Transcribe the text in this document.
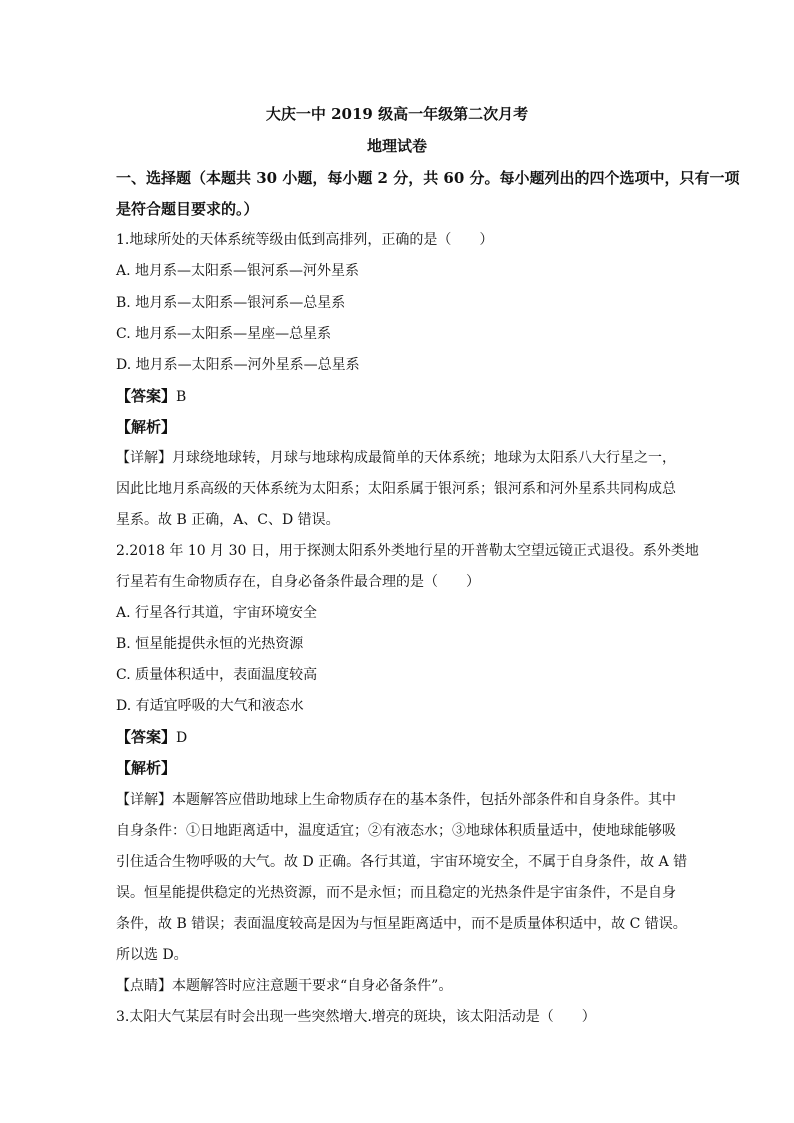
大庆一中 2019 级高一年级第二次月考
地理试卷
一、选择题（本题共 30 小题，每小题 2 分，共 60 分。每小题列出的四个选项中，只有一项
是符合题目要求的。）
1.地球所处的天体系统等级由低到高排列，正确的是（　　）
A. 地月系—太阳系—银河系—河外星系
B. 地月系—太阳系—银河系—总星系
C. 地月系—太阳系—星座—总星系
D. 地月系—太阳系—河外星系—总星系
【答案】B
【解析】
【详解】月球绕地球转，月球与地球构成最简单的天体系统；地球为太阳系八大行星之一，
因此比地月系高级的天体系统为太阳系；太阳系属于银河系；银河系和河外星系共同构成总
星系。故 B 正确，A、C、D 错误。
2.2018 年 10 月 30 日，用于探测太阳系外类地行星的开普勒太空望远镜正式退役。系外类地
行星若有生命物质存在，自身必备条件最合理的是（　　）
A. 行星各行其道，宇宙环境安全
B. 恒星能提供永恒的光热资源
C. 质量体积适中，表面温度较高
D. 有适宜呼吸的大气和液态水
【答案】D
【解析】
【详解】本题解答应借助地球上生命物质存在的基本条件，包括外部条件和自身条件。其中
自身条件：①日地距离适中，温度适宜；②有液态水；③地球体积质量适中，使地球能够吸
引住适合生物呼吸的大气。故 D 正确。各行其道，宇宙环境安全，不属于自身条件，故 A 错
误。恒星能提供稳定的光热资源，而不是永恒；而且稳定的光热条件是宇宙条件，不是自身
条件，故 B 错误；表面温度较高是因为与恒星距离适中，而不是质量体积适中，故 C 错误。
所以选 D。
【点睛】本题解答时应注意题干要求“自身必备条件”。
3.太阳大气某层有时会出现一些突然增大.增亮的斑块，该太阳活动是（　　）
